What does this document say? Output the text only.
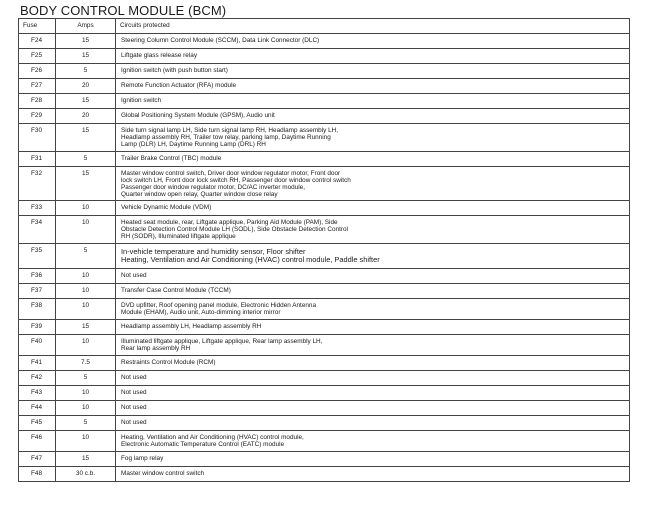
BODY CONTROL MODULE (BCM)
Fuse	Amps	Circuits protected
F24	15	Steering Column Control Module (SCCM), Data Link Connector (DLC)

F25	15	Liftgate glass release relay

F26	5	Ignition switch (with push button start)

F27	20	Remote Function Actuator (RFA) module

F28	15	Ignition switch

F29	20	Global Positioning System Module (GPSM), Audio unit

F30	15	Side turn signal lamp LH, Side turn signal lamp RH, Headlamp assembly LH,
Headlamp assembly RH, Trailer tow relay, parking lamp, Daytime Running
Lamp (DLR) LH, Daytime Running Lamp (DRL) RH

F31	5	Trailer Brake Control (TBC) module

F32	15	Master window control switch, Driver door window regulator motor, Front door
lock switch LH, Front door lock switch RH, Passenger door window control switch
Passenger door window regulator motor, DC/AC inverter module,
Quarter window open relay, Quarter window close relay

F33	10	Vehicle Dynamic Module (VDM)

F34	10	Heated seat module, rear, Liftgate applique, Parking Aid Module (PAM), Side
Obstacle Detection Control Module LH (SODL), Side Obstacle Detection Control
RH (SODR), Illuminated liftgate applique

F35	5	In-vehicle temperature and humidity sensor, Floor shifter
Heating, Ventilation and Air Conditioning (HVAC) control module, Paddle shifter

F36	10	Not used

F37	10	Transfer Case Control Module (TCCM)

F38	10	DVD upfitter, Roof opening panel module, Electronic Hidden Antenna
Module (EHAM), Audio unit, Auto-dimming interior mirror

F39	15	Headlamp assembly LH, Headlamp assembly RH

F40	10	Illuminated liftgate applique, Liftgate applique, Rear lamp assembly LH,
Rear lamp assembly RH

F41	7.5	Restraints Control Module (RCM)

F42	5	Not used

F43	10	Not used

F44	10	Not used

F45	5	Not used

F46	10	Heating, Ventilation and Air Conditioning (HVAC) control module,
Electronic Automatic Temperature Control (EATC) module

F47	15	Fog lamp relay

F48	30 c.b.	Master window control switch
